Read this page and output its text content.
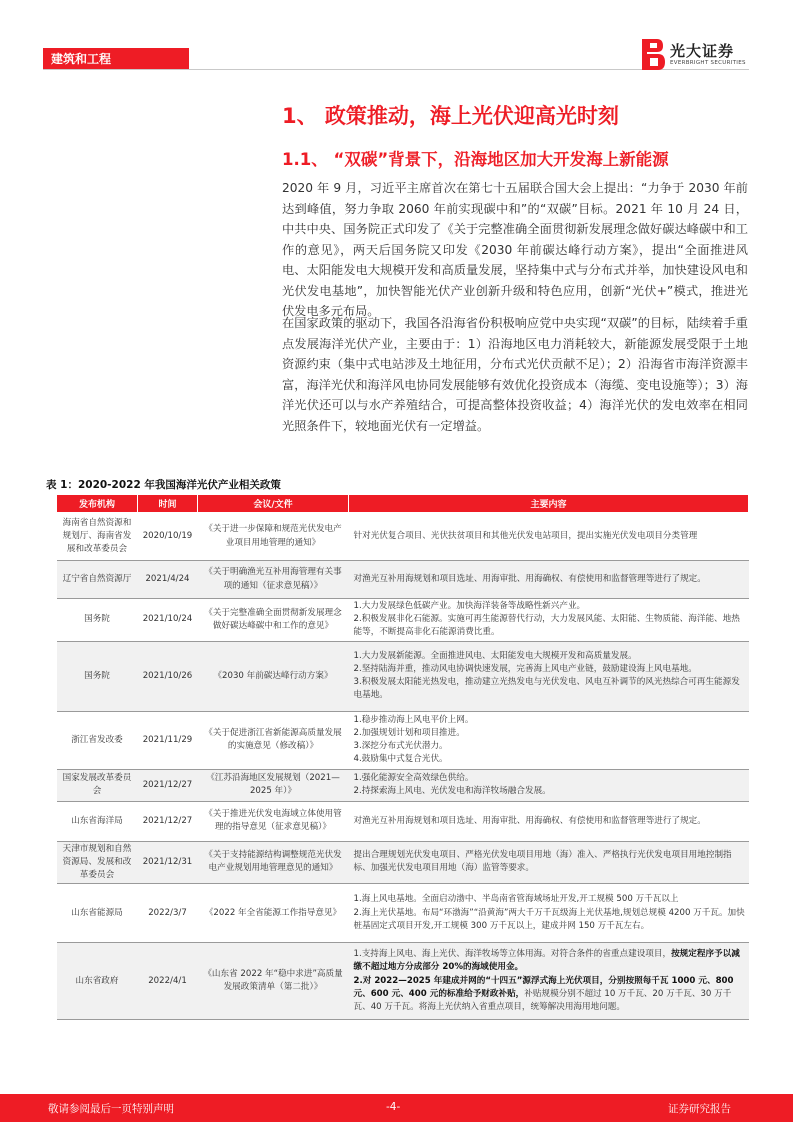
建筑和工程	光大证券
EVERBRIGHT SECURITIES
1、 政策推动，海上光伏迎高光时刻
1.1、 “双碳”背景下，沿海地区加大开发海上新能源

2020 年 9 月，习近平主席首次在第七十五届联合国大会上提出：“力争于 2030 年前达到峰值，努力争取 2060 年前实现碳中和”的“双碳”目标。2021 年 10 月 24 日，中共中央、国务院正式印发了《关于完整准确全面贯彻新发展理念做好碳达峰碳中和工作的意见》，两天后国务院又印发《2030 年前碳达峰行动方案》，提出“全面推进风电、太阳能发电大规模开发和高质量发展，坚持集中式与分布式并举，加快建设风电和光伏发电基地”，加快智能光伏产业创新升级和特色应用，创新“光伏+”模式，推进光伏发电多元布局。

在国家政策的驱动下，我国各沿海省份积极响应党中央实现“双碳”的目标，陆续着手重点发展海洋光伏产业，主要由于：1）沿海地区电力消耗较大，新能源发展受限于土地资源约束（集中式电站涉及土地征用，分布式光伏贡献不足）；2）沿海省市海洋资源丰富，海洋光伏和海洋风电协同发展能够有效优化投资成本（海缆、变电设施等）；3）海洋光伏还可以与水产养殖结合，可提高整体投资收益；4）海洋光伏的发电效率在相同光照条件下，较地面光伏有一定增益。

表 1：2020-2022 年我国海洋光伏产业相关政策
发布机构	时间	会议/文件	主要内容
海南省自然资源和规划厅、海南省发展和改革委员会	2020/10/19	《关于进一步保障和规范光伏发电产业项目用地管理的通知》	针对光伏复合项目、光伏扶贫项目和其他光伏发电站项目，提出实施光伏发电项目分类管理

辽宁省自然资源厅	2021/4/24	《关于明确渔光互补用海管理有关事项的通知（征求意见稿）》	对渔光互补用海规划和项目选址、用海审批、用海确权、有偿使用和监督管理等进行了规定。

国务院	2021/10/24	《关于完整准确全面贯彻新发展理念做好碳达峰碳中和工作的意见》	1.大力发展绿色低碳产业。加快海洋装备等战略性新兴产业。
2.积极发展非化石能源。实施可再生能源替代行动，大力发展风能、太阳能、生物质能、海洋能、地热能等，不断提高非化石能源消费比重。

国务院	2021/10/26	《2030 年前碳达峰行动方案》	1.大力发展新能源。全面推进风电、太阳能发电大规模开发和高质量发展。
2.坚持陆海并重，推动风电协调快速发展，完善海上风电产业链，鼓励建设海上风电基地。
3.积极发展太阳能光热发电，推动建立光热发电与光伏发电、风电互补调节的风光热综合可再生能源发电基地。

浙江省发改委	2021/11/29	《关于促进浙江省新能源高质量发展的实施意见（修改稿）》	1.稳步推动海上风电平价上网。
2.加强规划计划和项目推进。
3.深挖分布式光伏潜力。
4.鼓励集中式复合光伏。

国家发展改革委员会	2021/12/27	《江苏沿海地区发展规划（2021—2025 年）》	1.强化能源安全高效绿色供给。
2.持探索海上风电、光伏发电和海洋牧场融合发展。

山东省海洋局	2021/12/27	《关于推进光伏发电海域立体使用管理的指导意见（征求意见稿）》	对渔光互补用海规划和项目选址、用海审批、用海确权、有偿使用和监督管理等进行了规定。

天津市规划和自然资源局、发展和改革委员会	2021/12/31	《关于支持能源结构调整规范光伏发电产业规划用地管理意见的通知》	提出合理规划光伏发电项目、严格光伏发电项目用地（海）准入、严格执行光伏发电项目用地控制指标、加强光伏发电项目用地（海）监管等要求。

山东省能源局	2022/3/7	《2022 年全省能源工作指导意见》	1.海上风电基地。全面启动渤中、半岛南省管海域场址开发,开工规模 500 万千瓦以上
2.海上光伏基地。布局“环渤海”“沿黄海”两大千万千瓦级海上光伏基地,规划总规模 4200 万千瓦。加快桩基固定式项目开发,开工规模 300 万千瓦以上，建成并网 150 万千瓦左右。

山东省政府	2022/4/1	《山东省 2022 年“稳中求进”高质量发展政策清单（第二批）》	1.支持海上风电、海上光伏、海洋牧场等立体用海。对符合条件的省重点建设项目，按规定程序予以减缴不超过地方分成部分 20%的海域使用金。
2.对 2022—2025 年建成并网的“十四五”源浮式海上光伏项目，分别按照每千瓦 1000 元、800 元、600 元、400 元的标准给予财政补贴，补贴规模分别不超过 10 万千瓦、20 万千瓦、30 万千瓦、40 万千瓦。将海上光伏纳入省重点项目，统筹解决用海用地问题。
敬请参阅最后一页特别声明	-4-	证券研究报告
